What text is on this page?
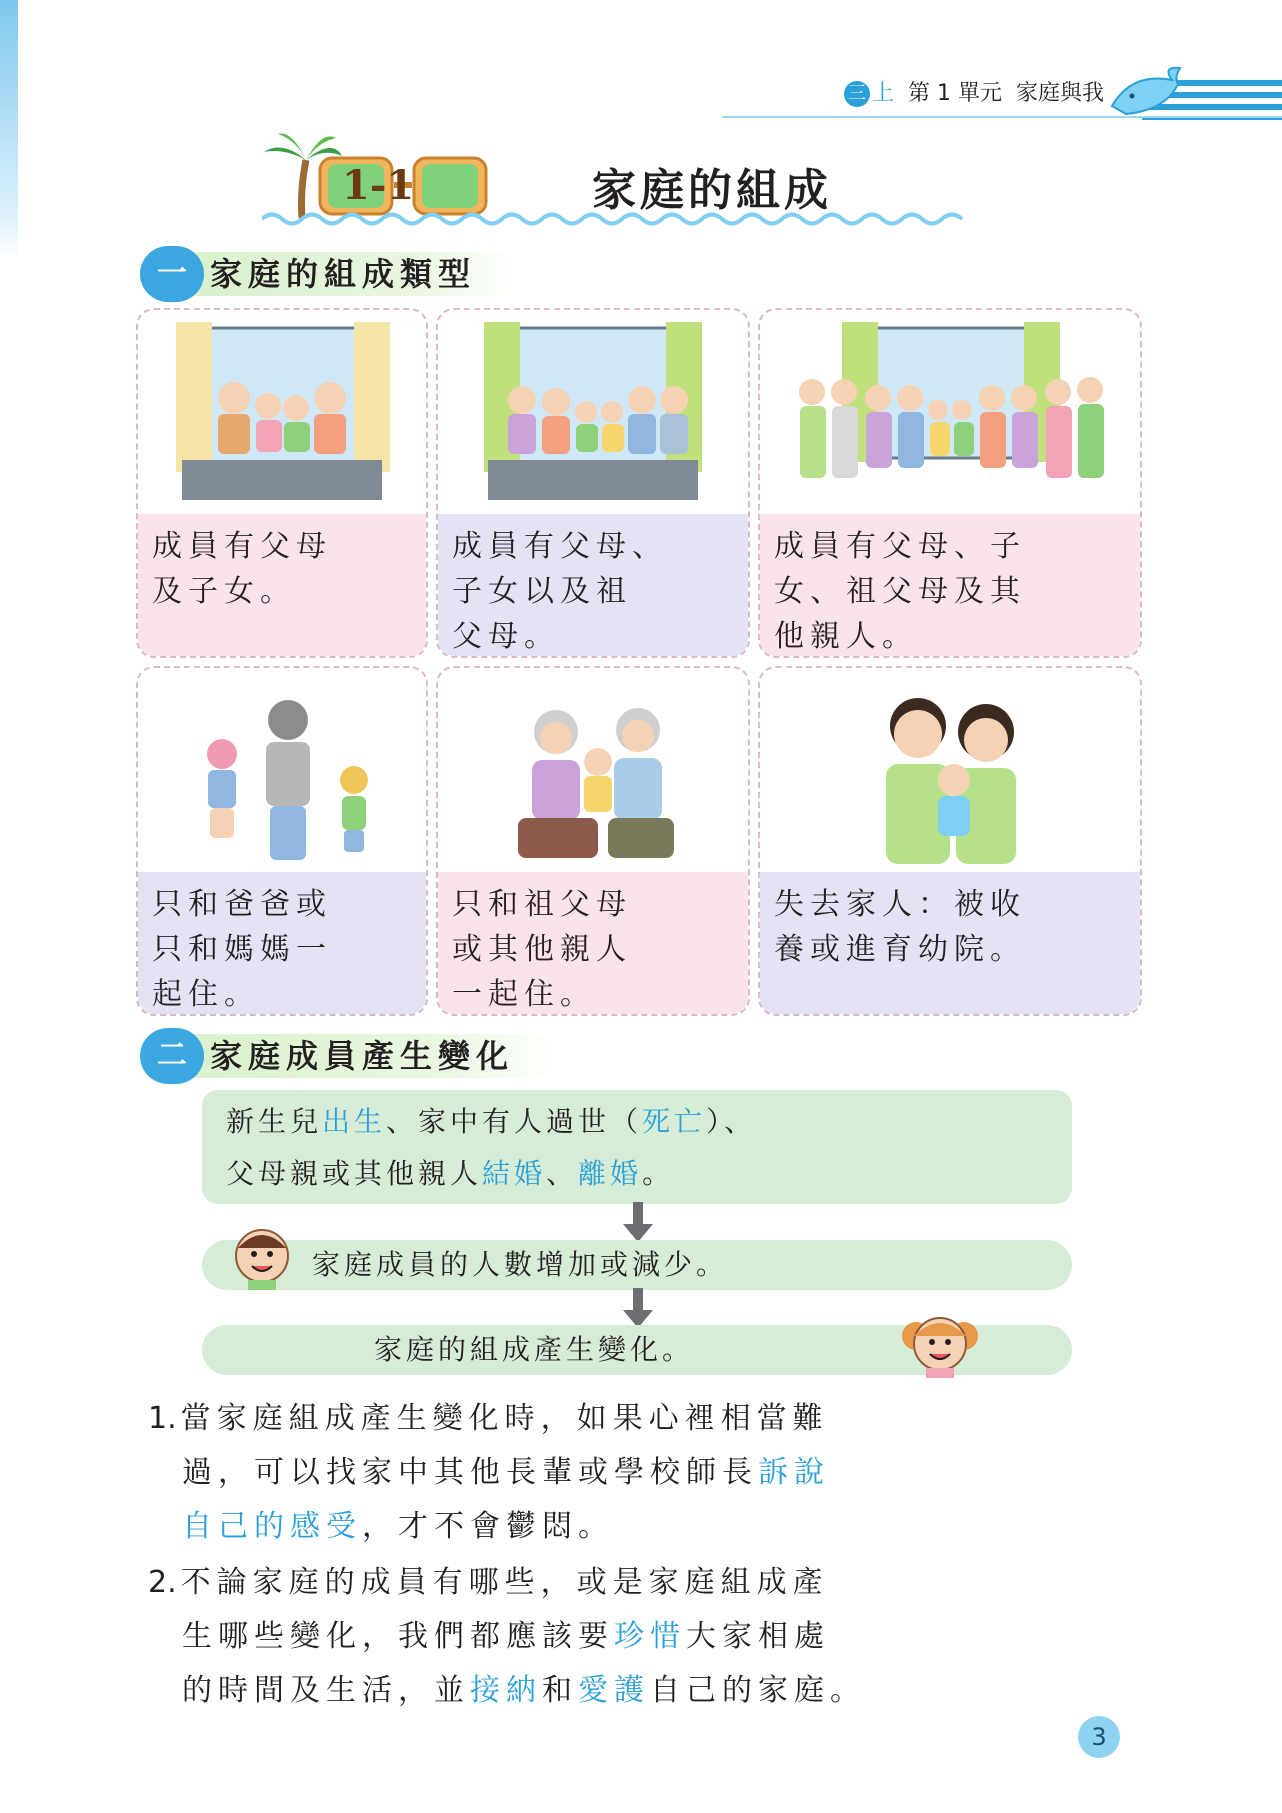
三 上 第 1 單元 家庭與我
1-1	家庭的組成
家庭的組成類型
一
成員有父母
及子女。
成員有父母、
子女以及祖
父母。
成員有父母、子
女、祖父母及其
他親人。
只和爸爸或
只和媽媽一
起住。
只和祖父母
或其他親人
一起住。
失去家人：被收
養或進育幼院。
家庭成員產生變化
二
新生兒出生、家中有人過世（死亡）、
父母親或其他親人結婚、離婚。
家庭成員的人數增加或減少。
家庭的組成產生變化。
1. 當家庭組成產生變化時，如果心裡相當難
過，可以找家中其他長輩或學校師長訴說
自己的感受，才不會鬱悶。
2. 不論家庭的成員有哪些，或是家庭組成產
生哪些變化，我們都應該要珍惜大家相處
的時間及生活，並接納和愛護自己的家庭。
3
